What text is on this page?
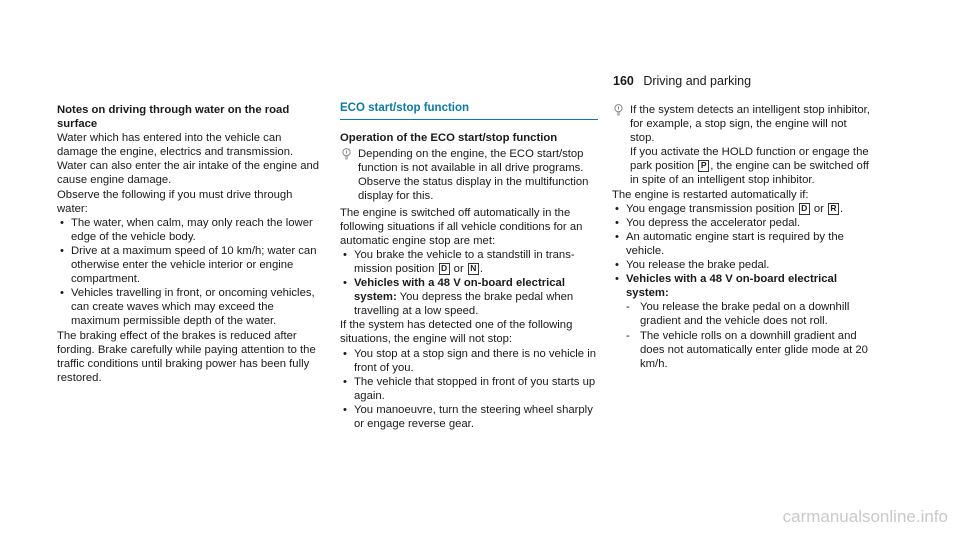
160 Driving and parking

Notes on driving through water on the road surface

Water which has entered into the vehicle can damage the engine, electrics and transmission.

Water can also enter the air intake of the engine and cause engine damage.

Observe the following if you must drive through water:

• The water, when calm, may only reach the lower edge of the vehicle body.
• Drive at a maximum speed of 10 km/h; water can otherwise enter the vehicle interior or engine compartment.
• Vehicles travelling in front, or oncoming vehicles, can create waves which may exceed the maximum permissible depth of the water.

The braking effect of the brakes is reduced after fording. Brake carefully while paying attention to the traffic conditions until braking power has been fully restored.

ECO start/stop function

Operation of the ECO start/stop function

Depending on the engine, the ECO start/stop function is not available in all drive programs. Observe the status display in the multifunction display for this.

The engine is switched off automatically in the following situations if all vehicle conditions for an automatic engine stop are met:

• You brake the vehicle to a standstill in transmission position D or N .
• Vehicles with a 48 V on-board electrical system: You depress the brake pedal when travelling at a low speed.

If the system has detected one of the following situations, the engine will not stop:

• You stop at a stop sign and there is no vehicle in front of you.
• The vehicle that stopped in front of you starts up again.
• You manoeuvre, turn the steering wheel sharply or engage reverse gear.

If the system detects an intelligent stop inhibitor, for example, a stop sign, the engine will not stop.

If you activate the HOLD function or engage the park position P , the engine can be switched off in spite of an intelligent stop inhibitor.

The engine is restarted automatically if:

• You engage transmission position D or R .
• You depress the accelerator pedal.
• An automatic engine start is required by the vehicle.
• You release the brake pedal.
• Vehicles with a 48 V on-board electrical system:
- You release the brake pedal on a downhill gradient and the vehicle does not roll.
- The vehicle rolls on a downhill gradient and does not automatically enter glide mode at 20 km/h.
carmanualsonline.info
